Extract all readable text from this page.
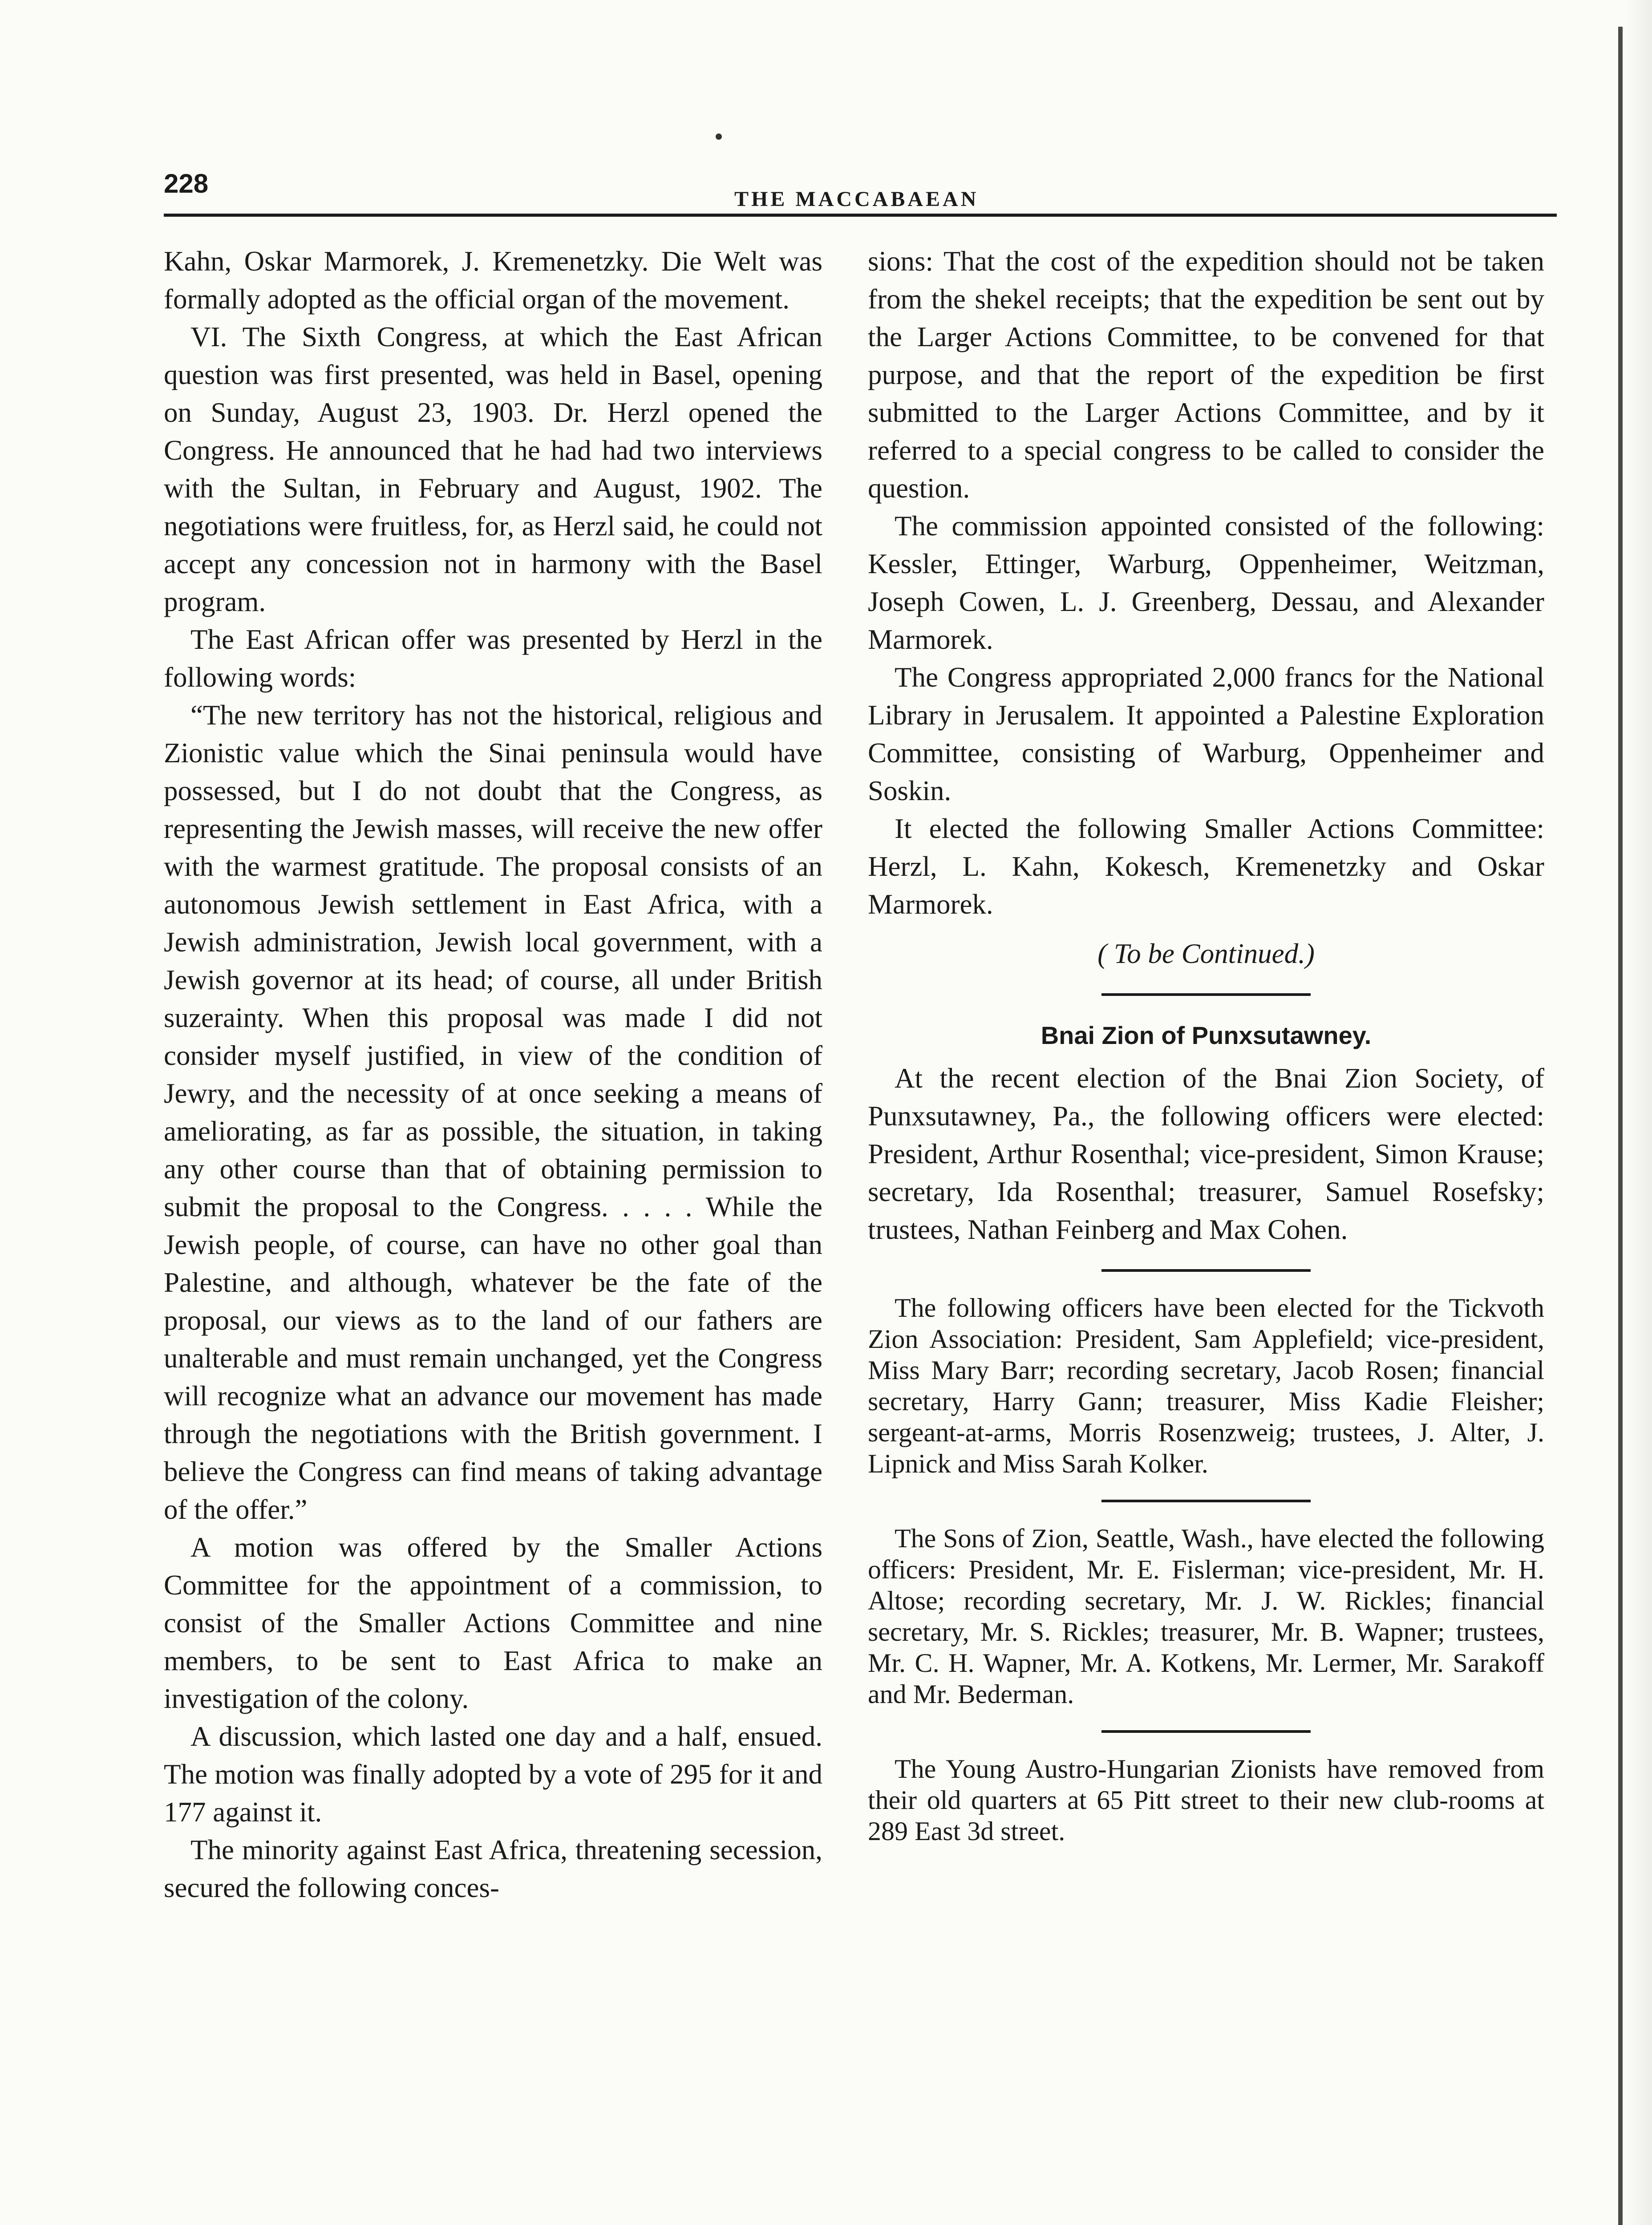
228
THE MACCABAEAN

Kahn, Oskar Marmorek, J. Kremenetzky. Die Welt was formally adopted as the official organ of the movement.

VI. The Sixth Congress, at which the East African question was first presented, was held in Basel, opening on Sunday, August 23, 1903. Dr. Herzl opened the Congress. He announced that he had had two interviews with the Sultan, in February and August, 1902. The negotiations were fruitless, for, as Herzl said, he could not accept any concession not in harmony with the Basel program.

The East African offer was presented by Herzl in the following words:

“The new territory has not the historical, religious and Zionistic value which the Sinai peninsula would have possessed, but I do not doubt that the Congress, as representing the Jewish masses, will receive the new offer with the warmest gratitude. The proposal consists of an autonomous Jewish settlement in East Africa, with a Jewish administration, Jewish local government, with a Jewish governor at its head; of course, all under British suzerainty. When this proposal was made I did not consider myself justified, in view of the condition of Jewry, and the necessity of at once seeking a means of ameliorating, as far as possible, the situation, in taking any other course than that of obtaining permission to submit the proposal to the Congress. . . . . While the Jewish people, of course, can have no other goal than Palestine, and although, whatever be the fate of the proposal, our views as to the land of our fathers are unalterable and must remain unchanged, yet the Congress will recognize what an advance our movement has made through the negotiations with the British government. I believe the Congress can find means of taking advantage of the offer.”

A motion was offered by the Smaller Actions Committee for the appointment of a commission, to consist of the Smaller Actions Committee and nine members, to be sent to East Africa to make an investigation of the colony.

A discussion, which lasted one day and a half, ensued. The motion was finally adopted by a vote of 295 for it and 177 against it.

The minority against East Africa, threatening secession, secured the following conces-

sions: That the cost of the expedition should not be taken from the shekel receipts; that the expedition be sent out by the Larger Actions Committee, to be convened for that purpose, and that the report of the expedition be first submitted to the Larger Actions Committee, and by it referred to a special congress to be called to consider the question.

The commission appointed consisted of the following: Kessler, Ettinger, Warburg, Oppenheimer, Weitzman, Joseph Cowen, L. J. Greenberg, Dessau, and Alexander Marmorek.

The Congress appropriated 2,000 francs for the National Library in Jerusalem. It appointed a Palestine Exploration Committee, consisting of Warburg, Oppenheimer and Soskin.

It elected the following Smaller Actions Committee: Herzl, L. Kahn, Kokesch, Kremenetzky and Oskar Marmorek.

( To be Continued.)

Bnai Zion of Punxsutawney.

At the recent election of the Bnai Zion Society, of Punxsutawney, Pa., the following officers were elected: President, Arthur Rosenthal; vice-president, Simon Krause; secretary, Ida Rosenthal; treasurer, Samuel Rosefsky; trustees, Nathan Feinberg and Max Cohen.

The following officers have been elected for the Tickvoth Zion Association: President, Sam Applefield; vice-president, Miss Mary Barr; recording secretary, Jacob Rosen; financial secretary, Harry Gann; treasurer, Miss Kadie Fleisher; sergeant-at-arms, Morris Rosenzweig; trustees, J. Alter, J. Lipnick and Miss Sarah Kolker.

The Sons of Zion, Seattle, Wash., have elected the following officers: President, Mr. E. Fislerman; vice-president, Mr. H. Altose; recording secretary, Mr. J. W. Rickles; financial secretary, Mr. S. Rickles; treasurer, Mr. B. Wapner; trustees, Mr. C. H. Wapner, Mr. A. Kotkens, Mr. Lermer, Mr. Sarakoff and Mr. Bederman.

The Young Austro-Hungarian Zionists have removed from their old quarters at 65 Pitt street to their new club-rooms at 289 East 3d street.
